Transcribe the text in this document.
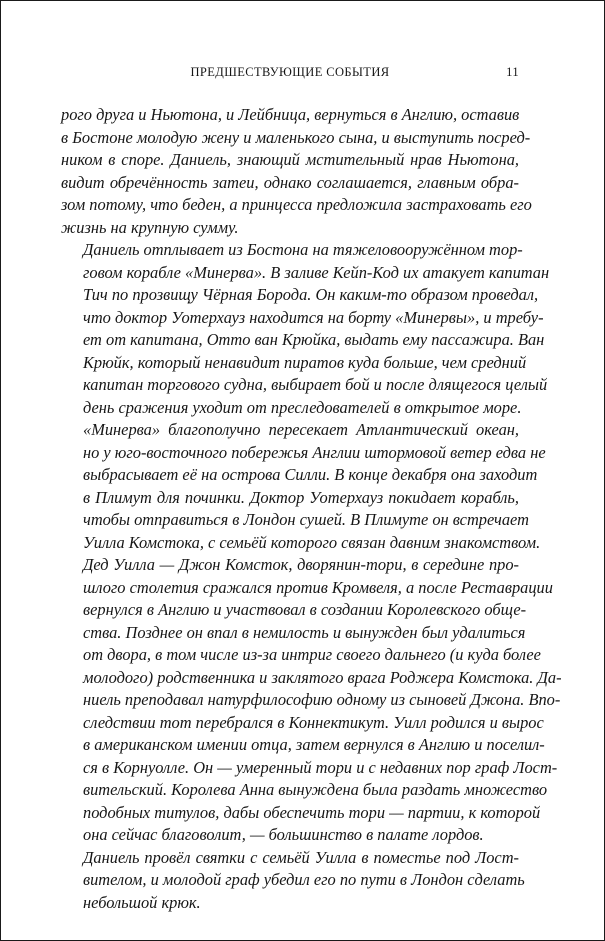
ПРЕДШЕСТВУЮЩИЕ СОБЫТИЯ	11

рого друга и Ньютона, и Лейбница, вернуться в Англию, оставив
в Бостоне молодую жену и маленького сына, и выступить посред-
ником в споре. Даниель, знающий мстительный нрав Ньютона,
видит обречённость затеи, однако соглашается, главным обра-
зом потому, что беден, а принцесса предложила застраховать его
жизнь на крупную сумму.

Даниель отплывает из Бостона на тяжеловооружённом тор-
говом корабле «Минерва». В заливе Кейп-Код их атакует капитан
Тич по прозвищу Чёрная Борода. Он каким-то образом проведал,
что доктор Уотерхауз находится на борту «Минервы», и требу-
ет от капитана, Отто ван Крюйка, выдать ему пассажира. Ван
Крюйк, который ненавидит пиратов куда больше, чем средний
капитан торгового судна, выбирает бой и после длящегося целый
день сражения уходит от преследователей в открытое море.

«Минерва» благополучно пересекает Атлантический океан,
но у юго-восточного побережья Англии штормовой ветер едва не
выбрасывает её на острова Силли. В конце декабря она заходит
в Плимут для починки. Доктор Уотерхауз покидает корабль,
чтобы отправиться в Лондон сушей. В Плимуте он встречает
Уилла Комстока, с семьёй которого связан давним знакомством.

Дед Уилла — Джон Комсток, дворянин-тори, в середине про-
шлого столетия сражался против Кромвеля, а после Реставрации
вернулся в Англию и участвовал в создании Королевского обще-
ства. Позднее он впал в немилость и вынужден был удалиться
от двора, в том числе из-за интриг своего дальнего (и куда более
молодого) родственника и заклятого врага Роджера Комстока. Да-
ниель преподавал натурфилософию одному из сыновей Джона. Впо-
следствии тот перебрался в Коннектикут. Уилл родился и вырос
в американском имении отца, затем вернулся в Англию и поселил-
ся в Корнуолле. Он — умеренный тори и с недавних пор граф Лост-
вительский. Королева Анна вынуждена была раздать множество
подобных титулов, дабы обеспечить тори — партии, к которой
она сейчас благоволит, — большинство в палате лордов.

Даниель провёл святки с семьёй Уилла в поместье под Лост-
вителом, и молодой граф убедил его по пути в Лондон сделать
небольшой крюк.
